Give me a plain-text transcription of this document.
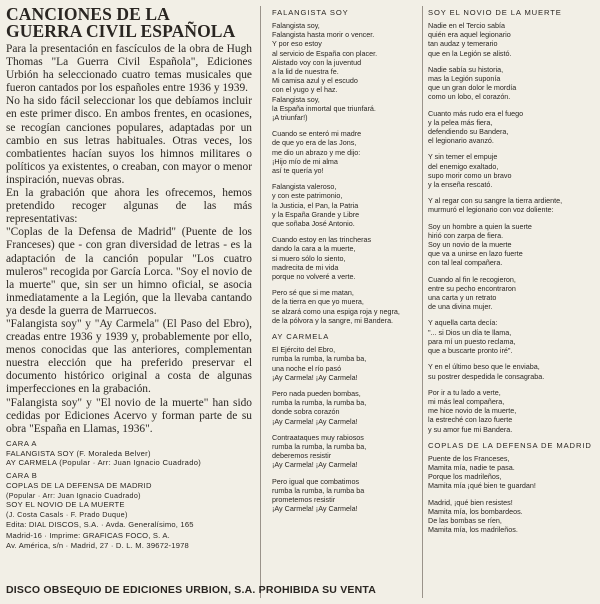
CANCIONES DE LA
GUERRA CIVIL ESPAÑOLA

Para la presentación en fascículos de la obra de Hugh Thomas "La Guerra Civil Española", Ediciones Urbión ha seleccionado cuatro temas musicales que fueron cantados por los españoles entre 1936 y 1939.

No ha sido fácil seleccionar los que debíamos incluir en este primer disco. En ambos frentes, en ocasiones, se recogían canciones populares, adaptadas por un cambio en sus letras habituales. Otras veces, los combatientes hacían suyos los himnos militares o políticos ya existentes, o creaban, con mayor o menor inspiración, nuevas obras.

En la grabación que ahora les ofrecemos, hemos pretendido recoger algunas de las más representativas:

"Coplas de la Defensa de Madrid" (Puente de los Franceses) que - con gran diversidad de letras - es la adaptación de la canción popular "Los cuatro muleros" recogida por García Lorca. "Soy el novio de la muerte" que, sin ser un himno oficial, se asocia inmediatamente a la Legión, que la llevaba cantando ya desde la guerra de Marruecos.

"Falangista soy" y "Ay Carmela" (El Paso del Ebro), creadas entre 1936 y 1939 y, probablemente por ello, menos conocidas que las anteriores, complementan nuestra elección que ha preferido preservar el documento histórico original a costa de algunas imperfecciones en la grabación.

"Falangista soy" y "El novio de la muerte" han sido cedidas por Ediciones Acervo y forman parte de su obra "España en Llamas, 1936".

CARA A
FALANGISTA SOY (F. Moraleda Belver)
AY CARMELA (Popular · Arr: Juan Ignacio Cuadrado)
CARA B
COPLAS DE LA DEFENSA DE MADRID
(Popular · Arr: Juan Ignacio Cuadrado)
SOY EL NOVIO DE LA MUERTE
(J. Costa Casals · F. Prado Duque)
Edita: DIAL DISCOS, S.A. · Avda. Generalísimo, 165
Madrid-16 · Imprime: GRAFICAS FOCO, S. A.
Av. América, s/n · Madrid, 27 · D. L. M. 39672-1978
DISCO OBSEQUIO DE EDICIONES URBION, S.A. PROHIBIDA SU VENTA
FALANGISTA SOY
Falangista soy,
Falangista hasta morir o vencer.
Y por eso estoy
al servicio de España con placer.
Alistado voy con la juventud
a la lid de nuestra fe.
Mi camisa azul y el escudo
con el yugo y el haz.
Falangista soy,
la España inmortal que triunfará.
¡A triunfar!)
Cuando se enteró mi madre
de que yo era de las Jons,
me dio un abrazo y me dijo:
¡Hijo mío de mi alma
así te quería yo!
Falangista valeroso,
y con este patrimonio,
la Justicia, el Pan, la Patria
y la España Grande y Libre
que soñaba José Antonio.
Cuando estoy en las trincheras
dando la cara a la muerte,
si muero sólo lo siento,
madrecita de mi vida
porque no volveré a verte.
Pero sé que si me matan,
de la tierra en que yo muera,
se alzará como una espiga roja y negra,
de la pólvora y la sangre, mi Bandera.
AY CARMELA
El Ejército del Ebro,
rumba la rumba, la rumba ba,
una noche el río pasó
¡Ay Carmela! ¡Ay Carmela!
Pero nada pueden bombas,
rumba la rumba, la rumba ba,
donde sobra corazón
¡Ay Carmela! ¡Ay Carmela!
Contraataques muy rabiosos
rumba la rumba, la rumba ba,
deberemos resistir
¡Ay Carmela! ¡Ay Carmela!
Pero igual que combatimos
rumba la rumba, la rumba ba
prometemos resistir
¡Ay Carmela! ¡Ay Carmela!
SOY EL NOVIO DE LA MUERTE
Nadie en el Tercio sabía
quién era aquel legionario
tan audaz y temerario
que en la Legión se alistó.
Nadie sabía su historia,
mas la Legión suponía
que un gran dolor le mordía
como un lobo, el corazón.
Cuanto más rudo era el fuego
y la pelea más fiera,
defendiendo su Bandera,
el legionario avanzó.
Y sin temer el empuje
del enemigo exaltado,
supo morir como un bravo
y la enseña rescató.
Y al regar con su sangre la tierra ardiente,
murmuró el legionario con voz doliente:
Soy un hombre a quien la suerte
hirió con zarpa de fiera.
Soy un novio de la muerte
que va a unirse en lazo fuerte
con tal leal compañera.
Cuando al fin le recogieron,
entre su pecho encontraron
una carta y un retrato
de una divina mujer.
Y aquella carta decía:
"... si Dios un día te llama,
para mí un puesto reclama,
que a buscarte pronto iré".
Y en el último beso que le enviaba,
su postrer despedida le consagraba.
Por ir a tu lado a verte,
mi más leal compañera,
me hice novio de la muerte,
la estreché con lazo fuerte
y su amor fue mi Bandera.
COPLAS DE LA DEFENSA DE MADRID
Puente de los Franceses,
Mamita mía, nadie te pasa.
Porque los madrileños,
Mamita mía ¡qué bien te guardan!
Madrid, ¡qué bien resistes!
Mamita mía, los bombardeos.
De las bombas se ríen,
Mamita mía, los madrileños.
